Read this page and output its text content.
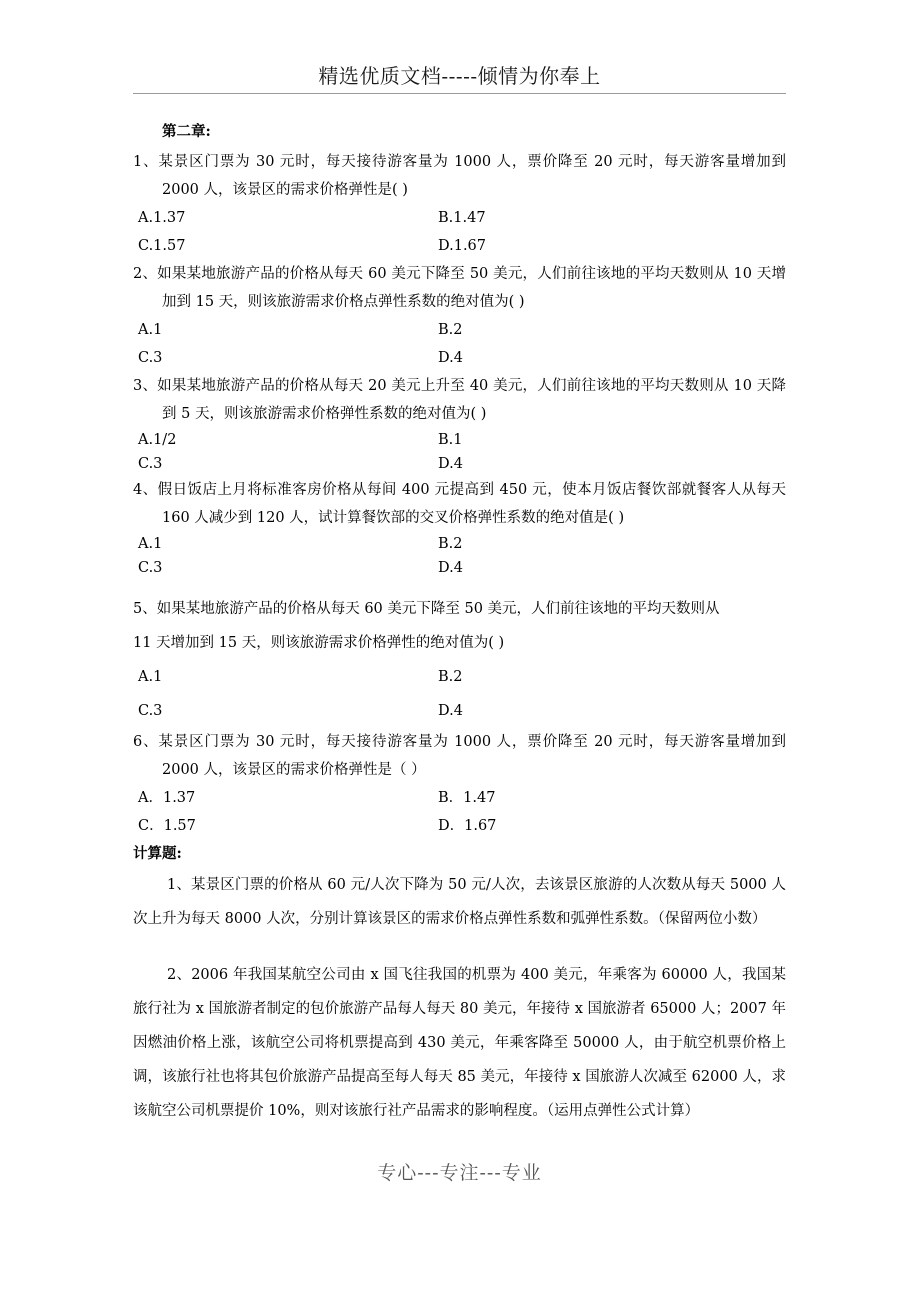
精选优质文档-----倾情为你奉上
第二章:

1、某景区门票为 30 元时，每天接待游客量为 1000 人，票价降至 20 元时，每天游客量增加到 2000 人，该景区的需求价格弹性是( )

A.1.37	B.1.47
C.1.57	D.1.67

2、如果某地旅游产品的价格从每天 60 美元下降至 50 美元，人们前往该地的平均天数则从 10 天增加到 15 天，则该旅游需求价格点弹性系数的绝对值为( )

A.1	B.2
C.3	D.4

3、如果某地旅游产品的价格从每天 20 美元上升至 40 美元，人们前往该地的平均天数则从 10 天降到 5 天，则该旅游需求价格弹性系数的绝对值为( )

A.1/2	B.1
C.3	D.4

4、假日饭店上月将标准客房价格从每间 400 元提高到 450 元，使本月饭店餐饮部就餐客人从每天 160 人减少到 120 人，试计算餐饮部的交叉价格弹性系数的绝对值是( )

A.1	B.2
C.3	D.4

5、如果某地旅游产品的价格从每天 60 美元下降至 50 美元，人们前往该地的平均天数则从

11 天增加到 15 天，则该旅游需求价格弹性的绝对值为( )

A.1	B.2
C.3	D.4

6、某景区门票为 30 元时，每天接待游客量为 1000 人，票价降至 20 元时，每天游客量增加到 2000 人，该景区的需求价格弹性是（ ）

A．1.37	B．1.47
C．1.57	D．1.67
计算题:

1、某景区门票的价格从 60 元/人次下降为 50 元/人次，去该景区旅游的人次数从每天 5000 人次上升为每天 8000 人次，分别计算该景区的需求价格点弹性系数和弧弹性系数。（保留两位小数）

2、2006 年我国某航空公司由 x 国飞往我国的机票为 400 美元，年乘客为 60000 人，我国某旅行社为 x 国旅游者制定的包价旅游产品每人每天 80 美元，年接待 x 国旅游者 65000 人；2007 年因燃油价格上涨，该航空公司将机票提高到 430 美元，年乘客降至 50000 人，由于航空机票价格上调，该旅行社也将其包价旅游产品提高至每人每天 85 美元，年接待 x 国旅游人次减至 62000 人，求该航空公司机票提价 10%，则对该旅行社产品需求的影响程度。（运用点弹性公式计算）

专心---专注---专业
